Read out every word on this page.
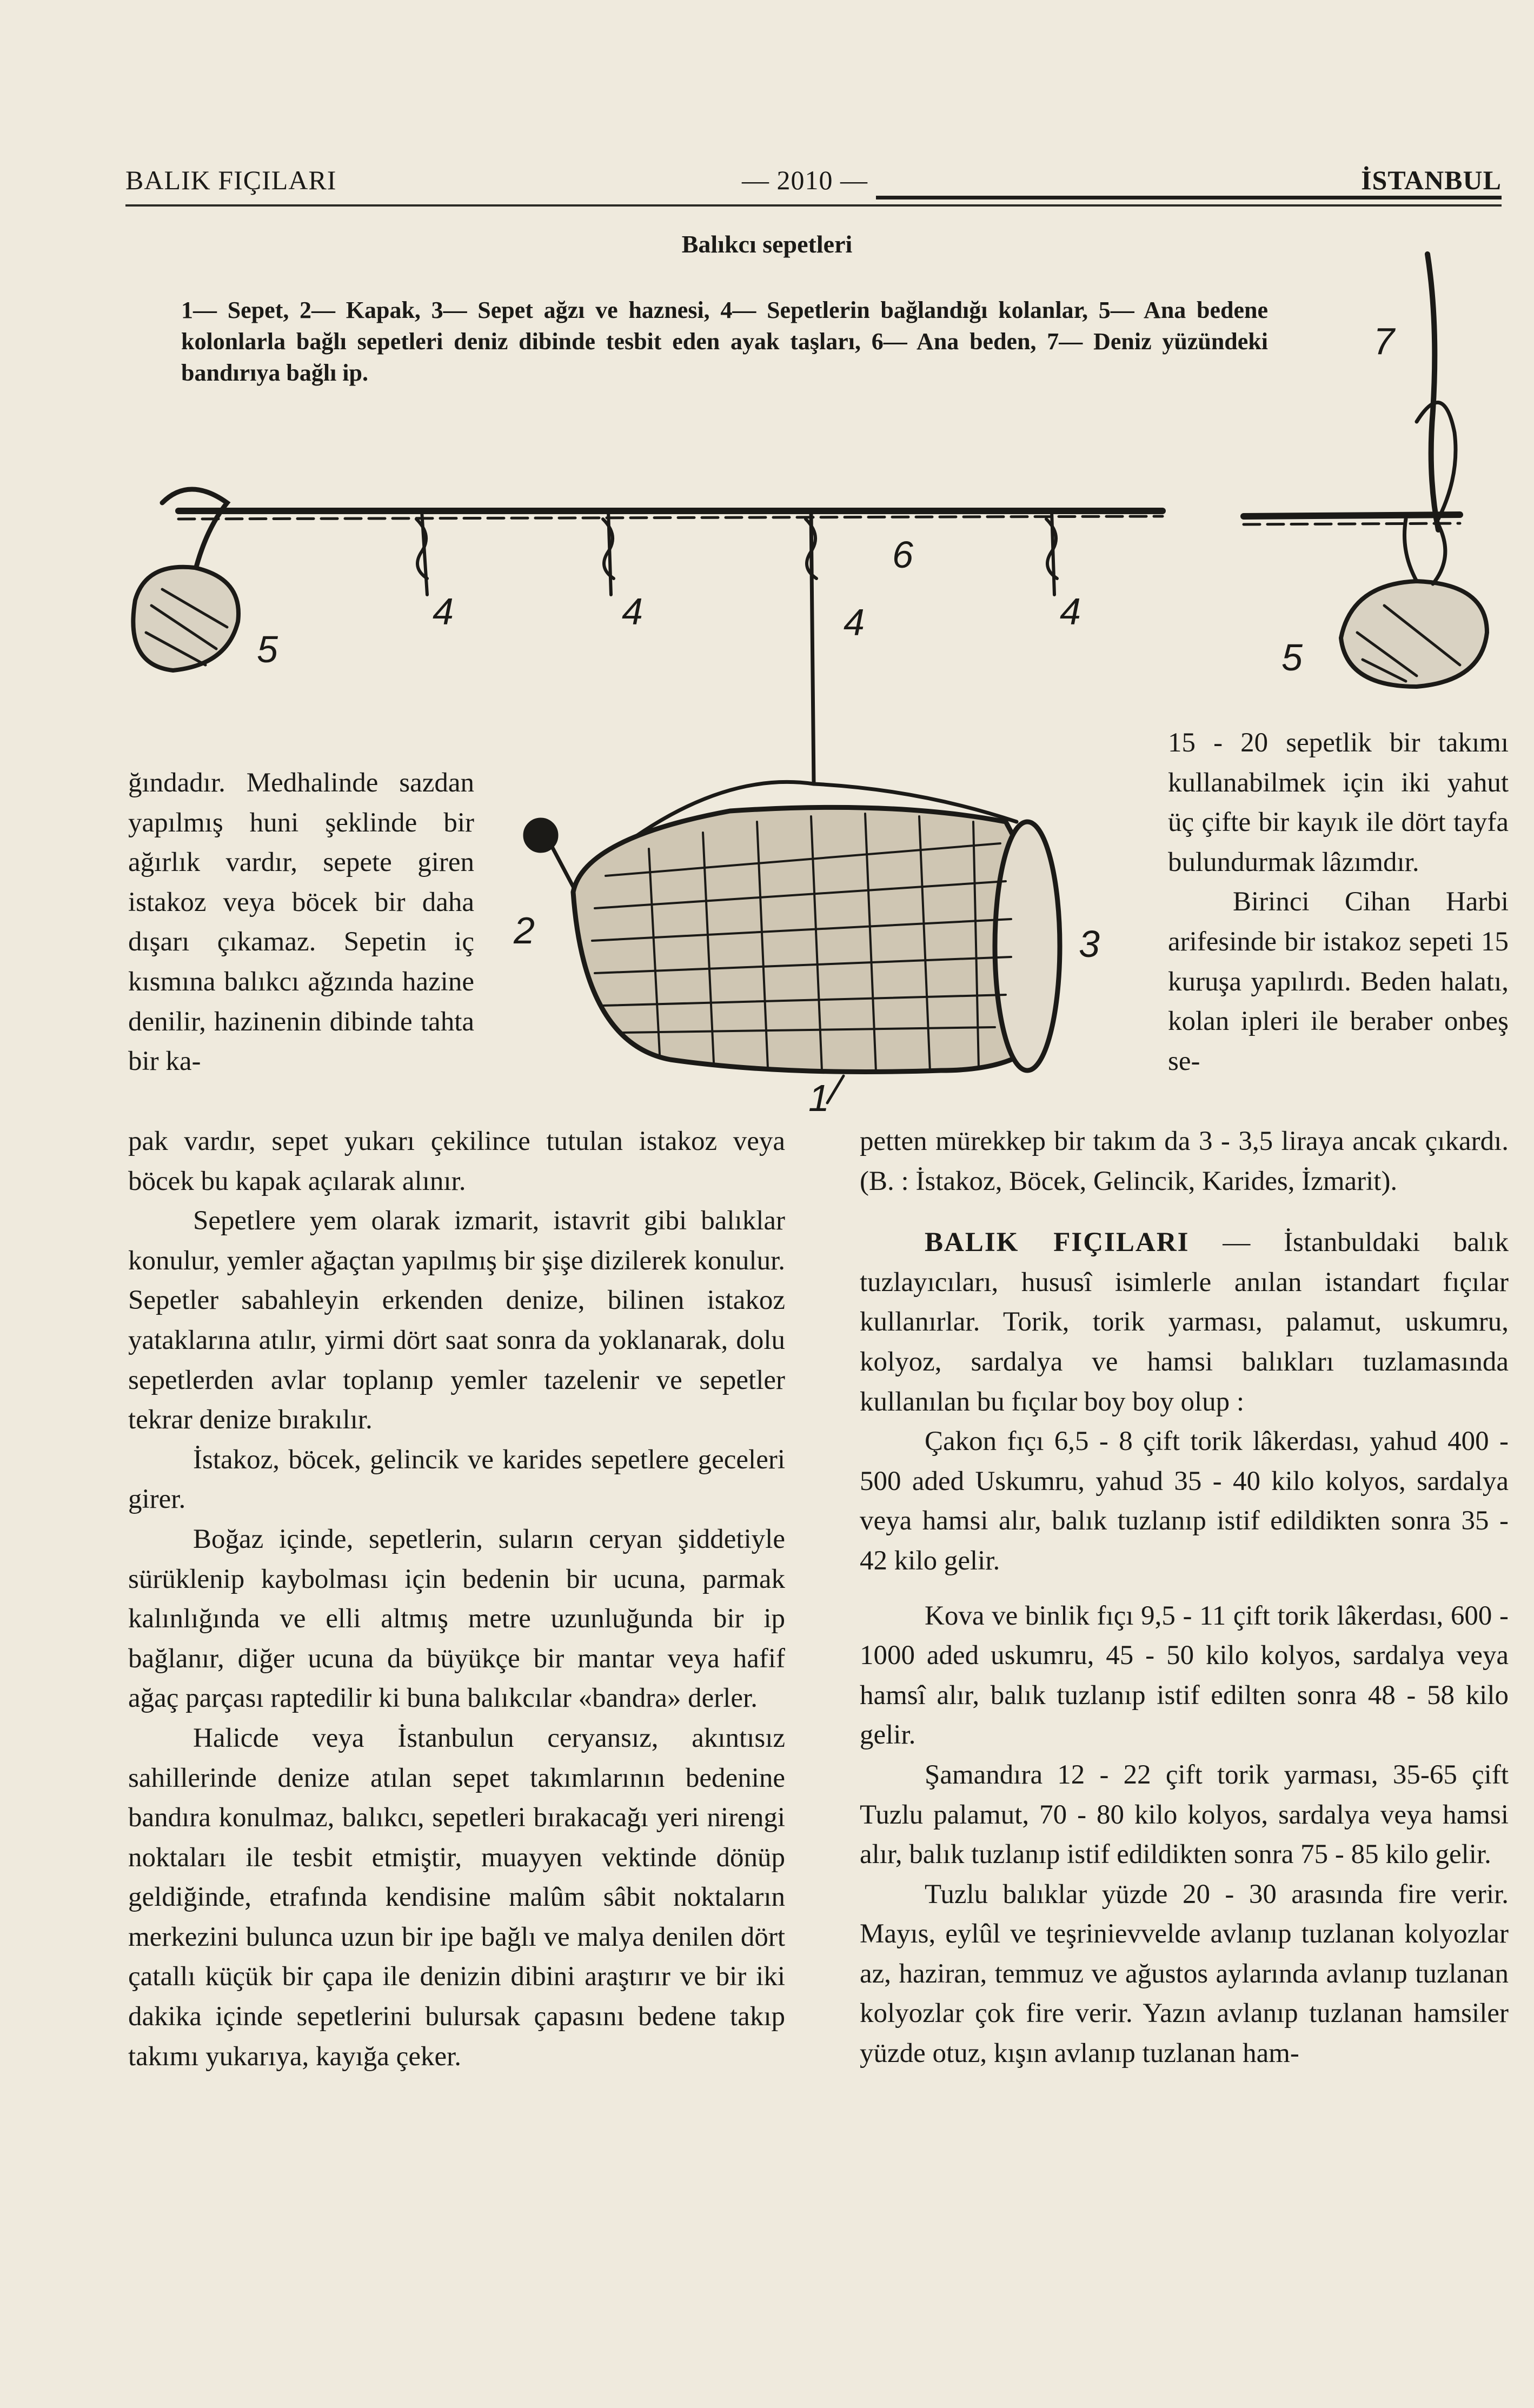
BALIK FIÇILARI	— 2010 —	İSTANBUL
Balıkcı sepetleri
1— Sepet, 2— Kapak, 3— Sepet ağzı ve haznesi, 4— Sepetlerin bağlandığı kolanlar, 5— Ana bedene kolonlarla bağlı sepetleri deniz dibinde tesbit eden ayak taşları, 6— Ana beden, 7— Deniz yüzündeki bandırıya bağlı ip.
6
7
5	5
4	4	4	4
2	3
1

ğındadır. Medhalinde sazdan yapılmış huni şeklinde bir ağırlık vardır, sepete giren istakoz veya böcek bir daha dışarı çıkamaz. Sepetin iç kısmına balıkcı ağzında hazine denilir, hazinenin dibinde tahta bir ka-

pak vardır, sepet yukarı çekilince tutulan istakoz veya böcek bu kapak açılarak alınır.

Sepetlere yem olarak izmarit, istavrit gibi balıklar konulur, yemler ağaçtan yapılmış bir şişe dizilerek konulur. Sepetler sabahleyin erkenden denize, bilinen istakoz yataklarına atılır, yirmi dört saat sonra da yoklanarak, dolu sepetlerden avlar toplanıp yemler tazelenir ve sepetler tekrar denize bırakılır.

İstakoz, böcek, gelincik ve karides sepetlere geceleri girer.

Boğaz içinde, sepetlerin, suların ceryan şiddetiyle sürüklenip kaybolması için bedenin bir ucuna, parmak kalınlığında ve elli altmış metre uzunluğunda bir ip bağlanır, diğer ucuna da büyükçe bir mantar veya hafif ağaç parçası raptedilir ki buna balıkcılar «bandra» derler.

Halicde veya İstanbulun ceryansız, akıntısız sahillerinde denize atılan sepet takımlarının bedenine bandıra konulmaz, balıkcı, sepetleri bırakacağı yeri nirengi noktaları ile tesbit etmiştir, muayyen vektinde dönüp geldiğinde, etrafında kendisine malûm sâbit noktaların merkezini bulunca uzun bir ipe bağlı ve malya denilen dört çatallı küçük bir çapa ile denizin dibini araştırır ve bir iki dakika içinde sepetlerini bulursak çapasını bedene takıp takımı yukarıya, kayığa çeker.

15 - 20 sepetlik bir takımı kullanabilmek için iki yahut üç çifte bir kayık ile dört tayfa bulundurmak lâzımdır.

Birinci Cihan Harbi arifesinde bir istakoz sepeti 15 kuruşa yapılırdı. Beden halatı, kolan ipleri ile beraber onbeş se-

petten mürekkep bir takım da 3 - 3,5 liraya ancak çıkardı. (B. : İstakoz, Böcek, Gelincik, Karides, İzmarit).

BALIK FIÇILARI — İstanbuldaki balık tuzlayıcıları, hususî isimlerle anılan istandart fıçılar kullanırlar. Torik, torik yarması, palamut, uskumru, kolyoz, sardalya ve hamsi balıkları tuzlamasında kullanılan bu fıçılar boy boy olup :

Çakon fıçı 6,5 - 8 çift torik lâkerdası, yahud 400 - 500 aded Uskumru, yahud 35 - 40 kilo kolyos, sardalya veya hamsi alır, balık tuzlanıp istif edildikten sonra 35 - 42 kilo gelir.

Kova ve binlik fıçı 9,5 - 11 çift torik lâkerdası, 600 - 1000 aded uskumru, 45 - 50 kilo kolyos, sardalya veya hamsî alır, balık tuzlanıp istif edilten sonra 48 - 58 kilo gelir.

Şamandıra 12 - 22 çift torik yarması, 35-65 çift Tuzlu palamut, 70 - 80 kilo kolyos, sardalya veya hamsi alır, balık tuzlanıp istif edildikten sonra 75 - 85 kilo gelir.

Tuzlu balıklar yüzde 20 - 30 arasında fire verir. Mayıs, eylûl ve teşrinievvelde avlanıp tuzlanan kolyozlar az, haziran, temmuz ve ağustos aylarında avlanıp tuzlanan kolyozlar çok fire verir. Yazın avlanıp tuzlanan hamsiler yüzde otuz, kışın avlanıp tuzlanan ham-
